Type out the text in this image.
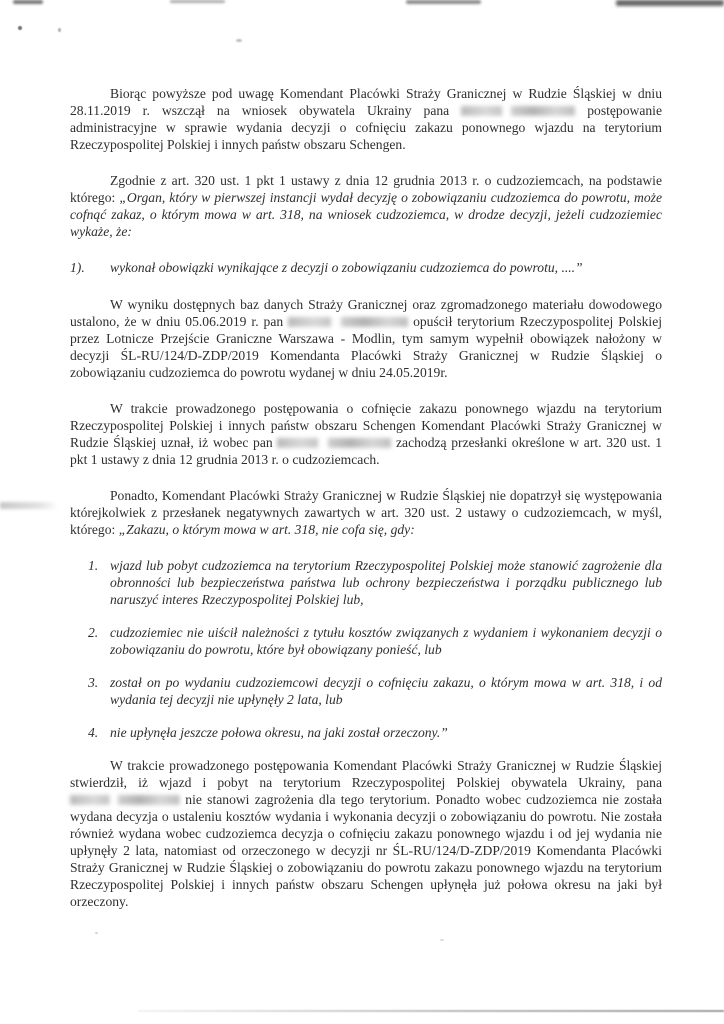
Biorąc powyższe pod uwagę Komendant Placówki Straży Granicznej w Rudzie Śląskiej w dniu 28.11.2019 r. wszczął na wniosek obywatela Ukrainy pana	postępowanie administracyjne w sprawie wydania decyzji o cofnięciu zakazu ponownego wjazdu na terytorium Rzeczypospolitej Polskiej i innych państw obszaru Schengen.
Zgodnie z art. 320 ust. 1 pkt 1 ustawy z dnia 12 grudnia 2013 r. o cudzoziemcach, na podstawie którego: „Organ, który w pierwszej instancji wydał decyzję o zobowiązaniu cudzoziemca do powrotu, może cofnąć zakaz, o którym mowa w art. 318, na wniosek cudzoziemca, w drodze decyzji, jeżeli cudzoziemiec wykaże, że:
1). wykonał obowiązki wynikające z decyzji o zobowiązaniu cudzoziemca do powrotu, ....”
W wyniku dostępnych baz danych Straży Granicznej oraz zgromadzonego materiału dowodowego ustalono, że w dniu 05.06.2019 r. pan	opuścił terytorium Rzeczypospolitej Polskiej przez Lotnicze Przejście Graniczne Warszawa - Modlin, tym samym wypełnił obowiązek nałożony w decyzji ŚL-RU/124/D-ZDP/2019 Komendanta Placówki Straży Granicznej w Rudzie Śląskiej o zobowiązaniu cudzoziemca do powrotu wydanej w dniu 24.05.2019r.
W trakcie prowadzonego postępowania o cofnięcie zakazu ponownego wjazdu na terytorium Rzeczypospolitej Polskiej i innych państw obszaru Schengen Komendant Placówki Straży Granicznej w Rudzie Śląskiej uznał, iż wobec pan	zachodzą przesłanki określone w art. 320 ust. 1 pkt 1 ustawy z dnia 12 grudnia 2013 r. o cudzoziemcach.
Ponadto, Komendant Placówki Straży Granicznej w Rudzie Śląskiej nie dopatrzył się występowania którejkolwiek z przesłanek negatywnych zawartych w art. 320 ust. 2 ustawy o cudzoziemcach, w myśl, którego: „Zakazu, o którym mowa w art. 318, nie cofa się, gdy:
1. wjazd lub pobyt cudzoziemca na terytorium Rzeczypospolitej Polskiej może stanowić zagrożenie dla obronności lub bezpieczeństwa państwa lub ochrony bezpieczeństwa i porządku publicznego lub naruszyć interes Rzeczypospolitej Polskiej lub,
2. cudzoziemiec nie uiścił należności z tytułu kosztów związanych z wydaniem i wykonaniem decyzji o zobowiązaniu do powrotu, które był obowiązany ponieść, lub
3. został on po wydaniu cudzoziemcowi decyzji o cofnięciu zakazu, o którym mowa w art. 318, i od wydania tej decyzji nie upłynęły 2 lata, lub
4. nie upłynęła jeszcze połowa okresu, na jaki został orzeczony.”
W trakcie prowadzonego postępowania Komendant Placówki Straży Granicznej w Rudzie Śląskiej stwierdził, iż wjazd i pobyt na terytorium Rzeczypospolitej Polskiej obywatela Ukrainy, pana  nie stanowi zagrożenia dla tego terytorium. Ponadto wobec cudzoziemca nie została wydana decyzja o ustaleniu kosztów wydania i wykonania decyzji o zobowiązaniu do powrotu. Nie została również wydana wobec cudzoziemca decyzja o cofnięciu zakazu ponownego wjazdu i od jej wydania nie upłynęły 2 lata, natomiast od orzeczonego w decyzji nr ŚL-RU/124/D-ZDP/2019 Komendanta Placówki Straży Granicznej w Rudzie Śląskiej o zobowiązaniu do powrotu zakazu ponownego wjazdu na terytorium Rzeczypospolitej Polskiej i innych państw obszaru Schengen upłynęła już połowa okresu na jaki był orzeczony.
